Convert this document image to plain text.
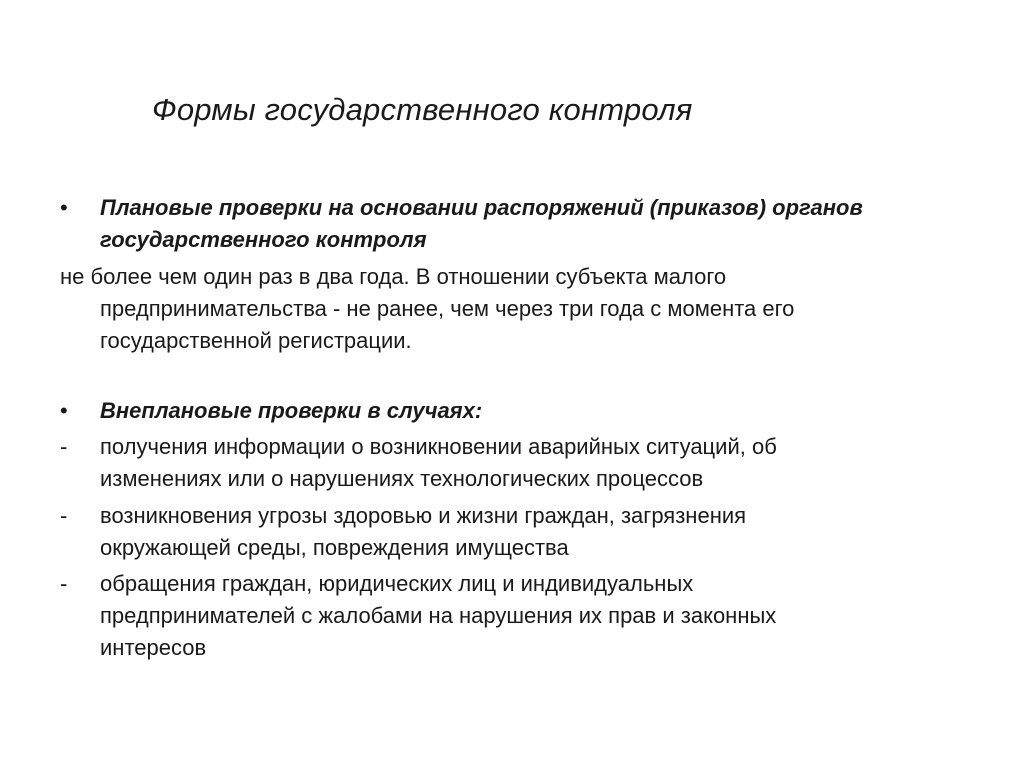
Формы государственного контроля
• Плановые проверки на основании распоряжений (приказов) органов
государственного контроля
не более чем один раз в два года. В отношении субъекта малого
предпринимательства - не ранее, чем через три года с момента его
государственной регистрации.
• Внеплановые проверки в случаях:
- получения информации о возникновении аварийных ситуаций, об
изменениях или о нарушениях технологических процессов
- возникновения угрозы здоровью и жизни граждан, загрязнения
окружающей среды, повреждения имущества
- обращения граждан, юридических лиц и индивидуальных
предпринимателей с жалобами на нарушения их прав и законных
интересов
